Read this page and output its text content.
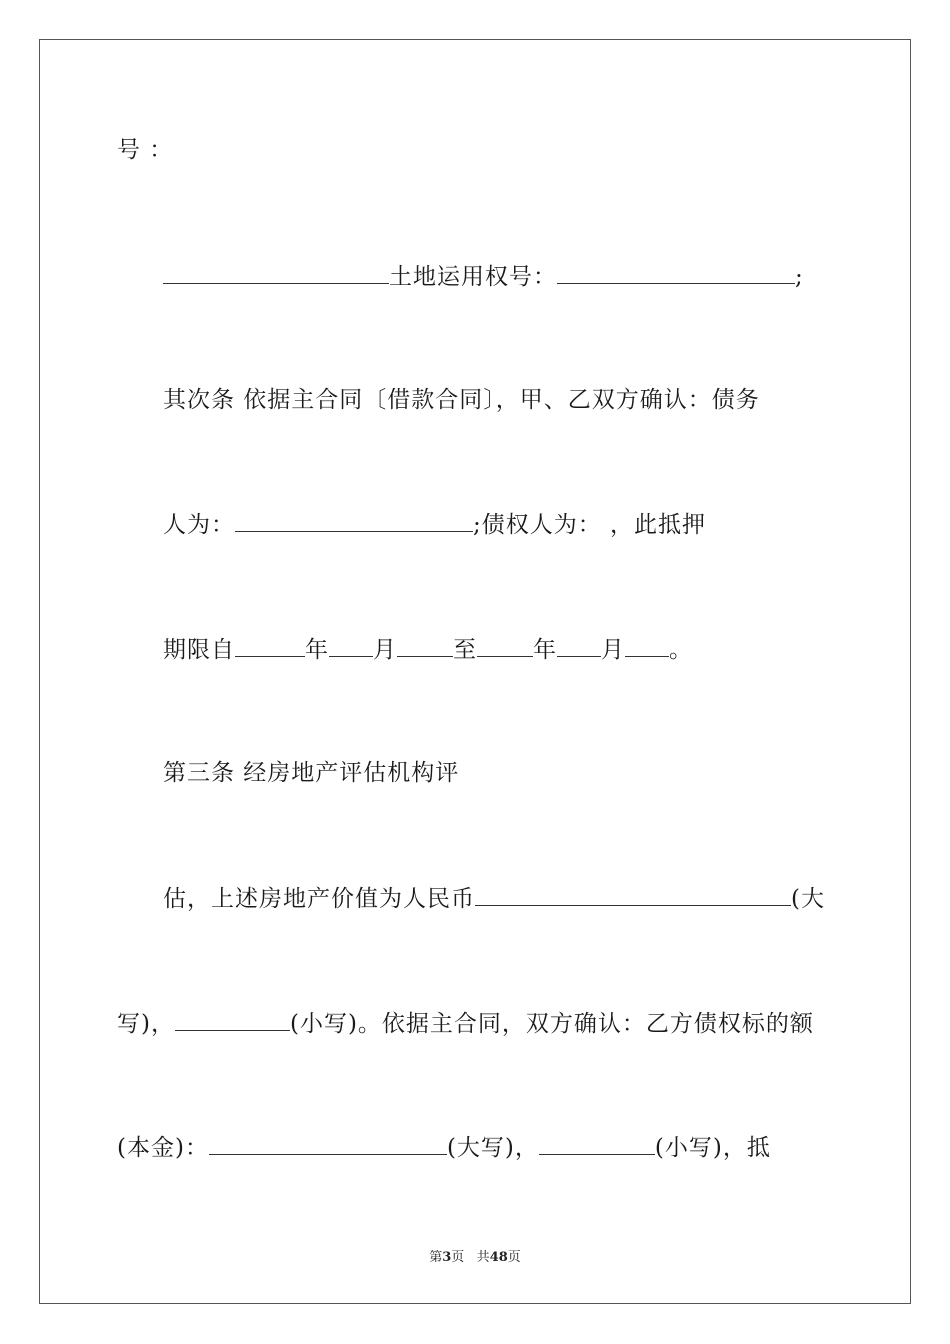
号 ：
土地运用权号：	;
其次条 依据主合同〔借款合同〕，甲、乙双方确认：债务
人为：	;债权人为： ，此抵押
期限自	年 月 至 年 月 。
第三条 经房地产评估机构评
估，上述房地产价值为人民币	(大
写)，	(小写)。依据主合同，双方确认：乙方债权标的额
(本金)：	(大写)，	(小写)，抵
第3页 共48页
